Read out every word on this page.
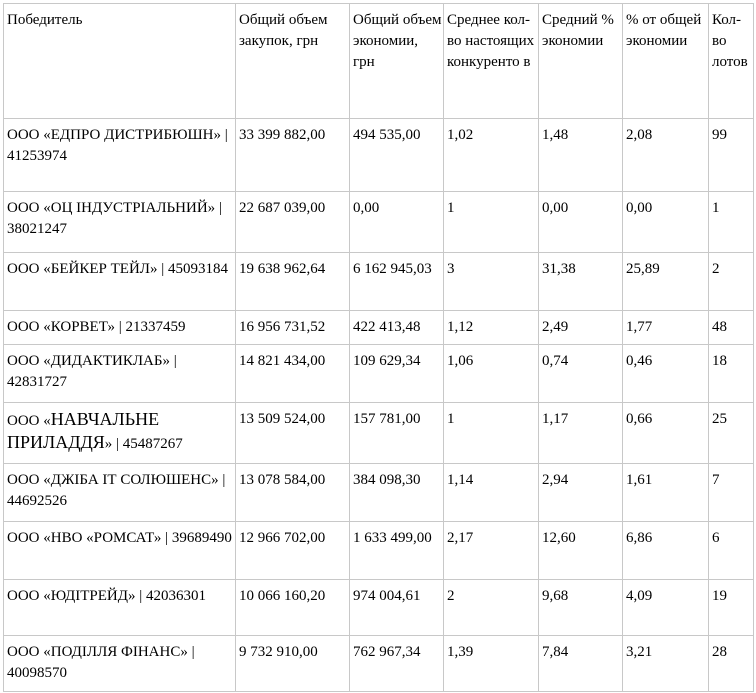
Победитель	Общий объем закупок, грн	Общий объем экономии, грн	Среднее кол-во настоящих конкуренто в	Средний % экономии	% от общей экономии	Кол-во лотов
ООО «ЕДПРО ДИСТРИБЮШН» | 41253974	33 399 882,00	494 535,00	1,02	1,48	2,08	99
ООО «ОЦ ІНДУСТРІАЛЬНИЙ» | 38021247	22 687 039,00	0,00	1	0,00	0,00	1
ООО «БЕЙКЕР ТЕЙЛ» | 45093184	19 638 962,64	6 162 945,03	3	31,38	25,89	2
ООО «КОРВЕТ» | 21337459	16 956 731,52	422 413,48	1,12	2,49	1,77	48
ООО «ДИДАКТИКЛАБ» | 42831727	14 821 434,00	109 629,34	1,06	0,74	0,46	18
ООО «НАВЧАЛЬНЕ ПРИЛАДДЯ» | 45487267	13 509 524,00	157 781,00	1	1,17	0,66	25
ООО «ДЖІБА ІТ СОЛЮШЕНС» | 44692526	13 078 584,00	384 098,30	1,14	2,94	1,61	7
ООО «НВО «РОМСАТ» | 39689490	12 966 702,00	1 633 499,00	2,17	12,60	6,86	6
ООО «ЮДІТРЕЙД» | 42036301	10 066 160,20	974 004,61	2	9,68	4,09	19
ООО «ПОДІЛЛЯ ФІНАНС» | 40098570	9 732 910,00	762 967,34	1,39	7,84	3,21	28
